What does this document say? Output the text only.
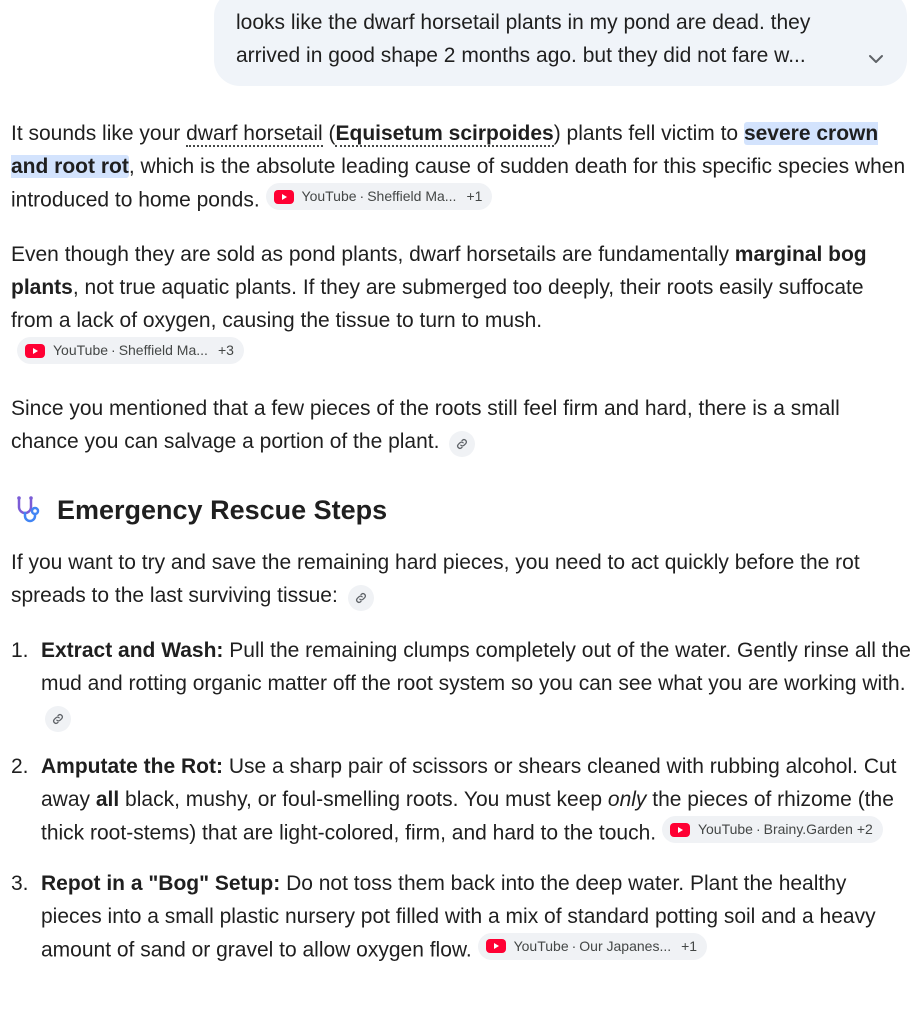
looks like the dwarf horsetail plants in my pond are dead. they
arrived in good shape 2 months ago. but they did not fare w...
It sounds like your dwarf horsetail (Equisetum scirpoides) plants fell victim to severe crown and root rot, which is the absolute leading cause of sudden death for this specific species when introduced to home ponds.	YouTube · Sheffield Ma... +1
Even though they are sold as pond plants, dwarf horsetails are fundamentally marginal bog plants, not true aquatic plants. If they are submerged too deeply, their roots easily suffocate from a lack of oxygen, causing the tissue to turn to mush.

YouTube · Sheffield Ma... +3
Since you mentioned that a few pieces of the roots still feel firm and hard, there is a small chance you can salvage a portion of the plant.
Emergency Rescue Steps
If you want to try and save the remaining hard pieces, you need to act quickly before the rot spreads to the last surviving tissue:
1. Extract and Wash: Pull the remaining clumps completely out of the water. Gently rinse all the mud and rotting organic matter off the root system so you can see what you are working with.
2. Amputate the Rot: Use a sharp pair of scissors or shears cleaned with rubbing alcohol. Cut away all black, mushy, or foul-smelling roots. You must keep only the pieces of rhizome (the thick root-stems) that are light-colored, firm, and hard to the touch.	YouTube · Brainy.Garden +2
3. Repot in a "Bog" Setup: Do not toss them back into the deep water. Plant the healthy pieces into a small plastic nursery pot filled with a mix of standard potting soil and a heavy amount of sand or gravel to allow oxygen flow.	YouTube · Our Japanes... +1
